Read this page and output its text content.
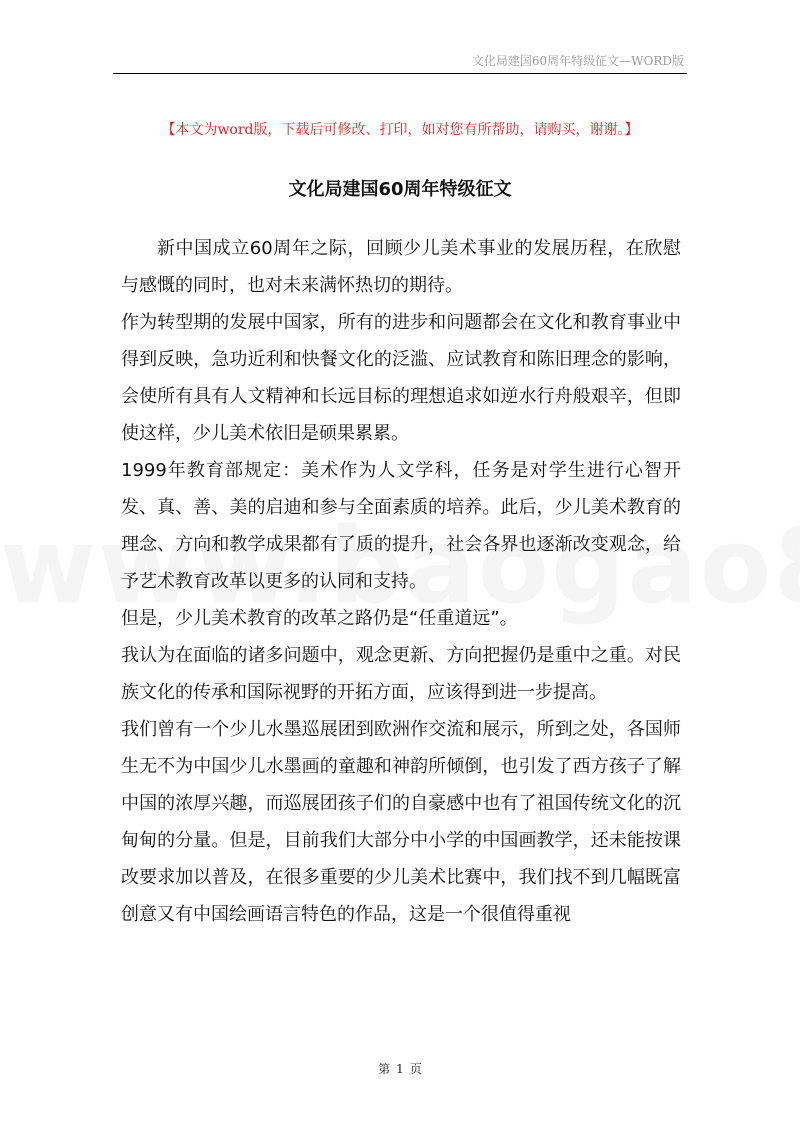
文化局建国60周年特级征文—WORD版
【本文为word版，下载后可修改、打印，如对您有所帮助，请购买，谢谢。】
文化局建国60周年特级征文

新中国成立60周年之际，回顾少儿美术事业的发展历程，在欣慰与感慨的同时，也对未来满怀热切的期待。

作为转型期的发展中国家，所有的进步和问题都会在文化和教育事业中得到反映，急功近利和快餐文化的泛滥、应试教育和陈旧理念的影响，会使所有具有人文精神和长远目标的理想追求如逆水行舟般艰辛，但即使这样，少儿美术依旧是硕果累累。

1999年教育部规定：美术作为人文学科，任务是对学生进行心智开发、真、善、美的启迪和参与全面素质的培养。此后，少儿美术教育的理念、方向和教学成果都有了质的提升，社会各界也逐渐改变观念，给予艺术教育改革以更多的认同和支持。

但是，少儿美术教育的改革之路仍是“任重道远”。

我认为在面临的诸多问题中，观念更新、方向把握仍是重中之重。对民族文化的传承和国际视野的开拓方面，应该得到进一步提高。

我们曾有一个少儿水墨巡展团到欧洲作交流和展示，所到之处，各国师生无不为中国少儿水墨画的童趣和神韵所倾倒，也引发了西方孩子了解中国的浓厚兴趣，而巡展团孩子们的自豪感中也有了祖国传统文化的沉甸甸的分量。但是，目前我们大部分中小学的中国画教学，还未能按课改要求加以普及，在很多重要的少儿美术比赛中，我们找不到几幅既富创意又有中国绘画语言特色的作品，这是一个很值得重视

第 1 页
